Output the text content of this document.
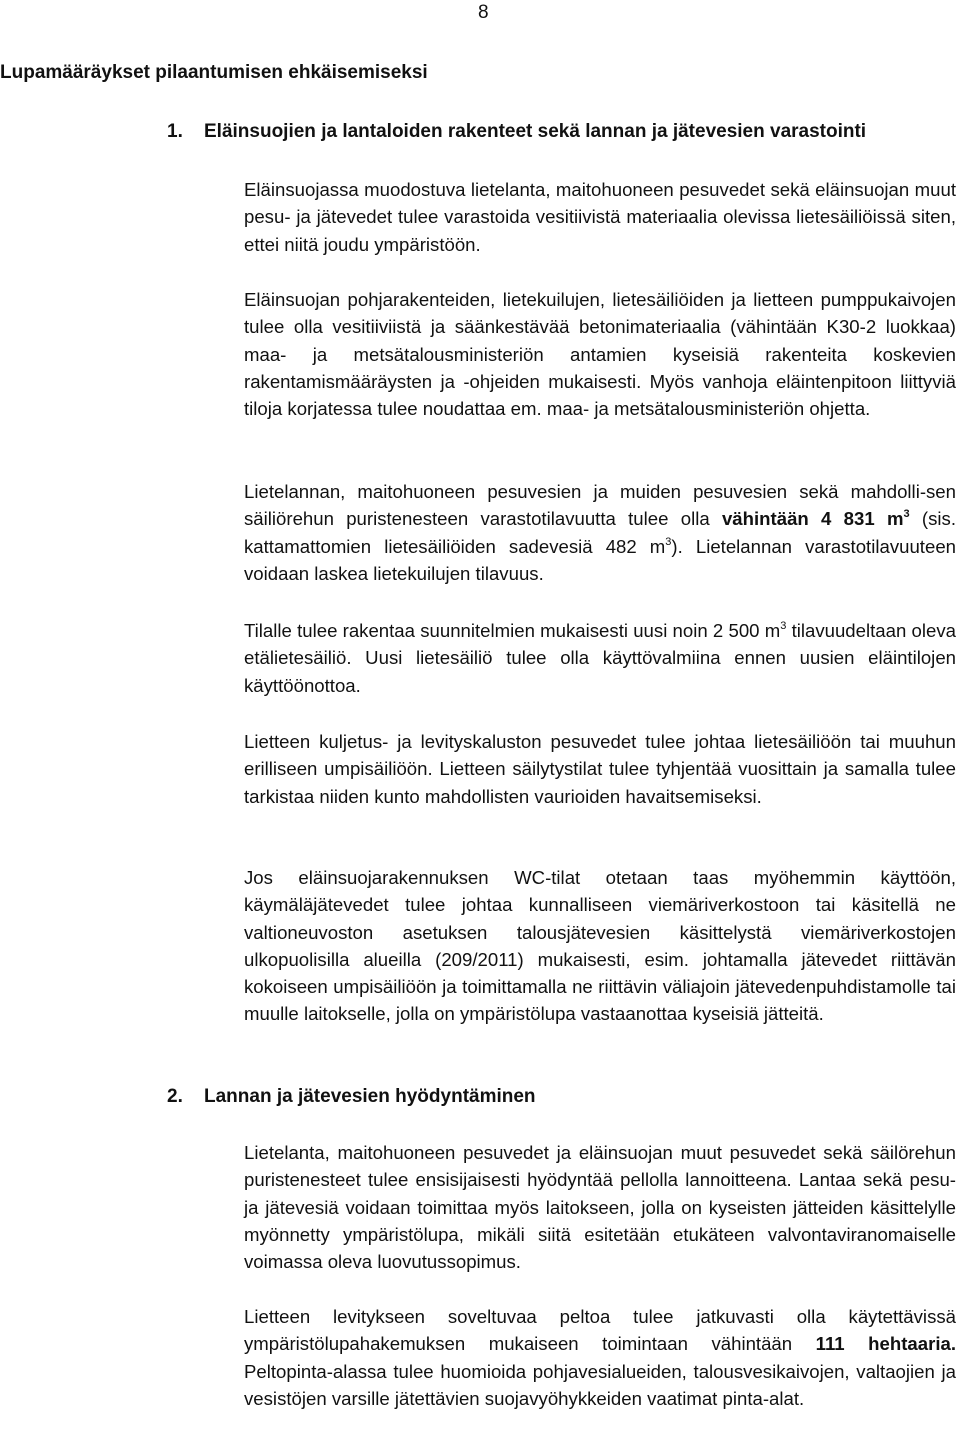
8
Lupamääräykset pilaantumisen ehkäisemiseksi
1. Eläinsuojien ja lantaloiden rakenteet sekä lannan ja jätevesien varastointi

Eläinsuojassa muodostuva lietelanta, maitohuoneen pesuvedet sekä eläinsuojan muut pesu- ja jätevedet tulee varastoida vesitiivistä materiaalia olevissa lietesäiliöissä siten, ettei niitä joudu ympäristöön.

Eläinsuojan pohjarakenteiden, lietekuilujen, lietesäiliöiden ja lietteen pumppukaivojen tulee olla vesitiiviistä ja säänkestävää betonimateriaalia (vähintään K30-2 luokkaa) maa- ja metsätalousministeriön antamien kyseisiä rakenteita koskevien rakentamismääräysten ja -ohjeiden mukaisesti. Myös vanhoja eläintenpitoon liittyviä tiloja korjatessa tulee noudattaa em. maa- ja metsätalousministeriön ohjetta.

Lietelannan, maitohuoneen pesuvesien ja muiden pesuvesien sekä mahdolli-sen säiliörehun puristenesteen varastotilavuutta tulee olla vähintään 4 831 $m^3$ (sis. kattamattomien lietesäiliöiden sadevesiä 482 $m^3$). Lietelannan varastotilavuuteen voidaan laskea lietekuilujen tilavuus.

Tilalle tulee rakentaa suunnitelmien mukaisesti uusi noin 2 500 $m^3$ tilavuudeltaan oleva etälietesäiliö. Uusi lietesäiliö tulee olla käyttövalmiina ennen uusien eläintilojen käyttöönottoa.

Lietteen kuljetus- ja levityskaluston pesuvedet tulee johtaa lietesäiliöön tai muuhun erilliseen umpisäiliöön. Lietteen säilytystilat tulee tyhjentää vuosittain ja samalla tulee tarkistaa niiden kunto mahdollisten vaurioiden havaitsemiseksi.

Jos eläinsuojarakennuksen WC-tilat otetaan taas myöhemmin käyttöön, käymäläjätevedet tulee johtaa kunnalliseen viemäriverkostoon tai käsitellä ne valtioneuvoston asetuksen talousjätevesien käsittelystä viemäriverkostojen ulkopuolisilla alueilla (209/2011) mukaisesti, esim. johtamalla jätevedet riittävän kokoiseen umpisäiliöön ja toimittamalla ne riittävin väliajoin jätevedenpuhdistamolle tai muulle laitokselle, jolla on ympäristölupa vastaanottaa kyseisiä jätteitä.

2. Lannan ja jätevesien hyödyntäminen

Lietelanta, maitohuoneen pesuvedet ja eläinsuojan muut pesuvedet sekä säilörehun puristenesteet tulee ensisijaisesti hyödyntää pellolla lannoitteena. Lantaa sekä pesu- ja jätevesiä voidaan toimittaa myös laitokseen, jolla on kyseisten jätteiden käsittelylle myönnetty ympäristölupa, mikäli siitä esitetään etukäteen valvontaviranomaiselle voimassa oleva luovutussopimus.

Lietteen levitykseen soveltuvaa peltoa tulee jatkuvasti olla käytettävissä ympäristölupahakemuksen mukaiseen toimintaan vähintään 111 hehtaaria. Peltopinta-alassa tulee huomioida pohjavesialueiden, talousvesikaivojen, valtaojien ja vesistöjen varsille jätettävien suojavyöhykkeiden vaatimat pinta-alat.
